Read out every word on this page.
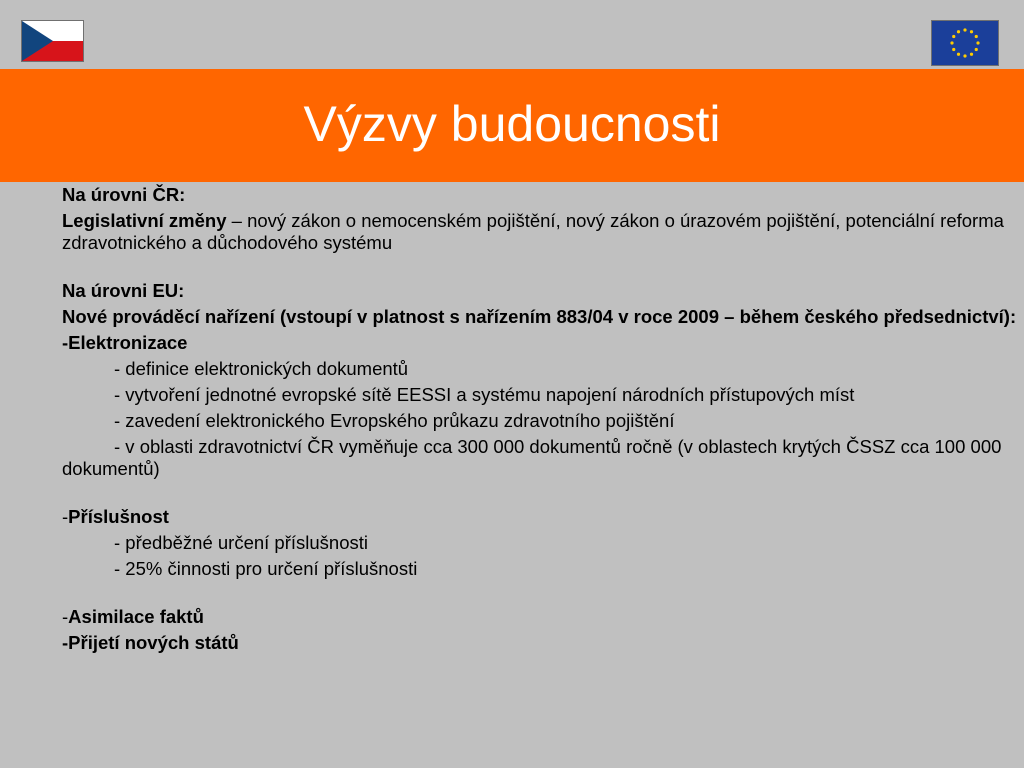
Výzvy budoucnosti

Na úrovni ČR:

Legislativní změny – nový zákon o nemocenském pojištění, nový zákon o úrazovém pojištění, potenciální reforma zdravotnického a důchodového systému

Na úrovni EU:

Nové prováděcí nařízení (vstoupí v platnost s nařízením 883/04 v roce 2009 – během českého předsednictví):

-Elektronizace

- definice elektronických dokumentů

- vytvoření jednotné evropské sítě EESSI a systému napojení národních přístupových míst

- zavedení elektronického Evropského průkazu zdravotního pojištění

- v oblasti zdravotnictví ČR vyměňuje cca 300 000 dokumentů ročně (v oblastech krytých ČSSZ cca 100 000 dokumentů)

-Příslušnost

- předběžné určení příslušnosti

- 25% činnosti pro určení příslušnosti

-Asimilace faktů

-Přijetí nových států
